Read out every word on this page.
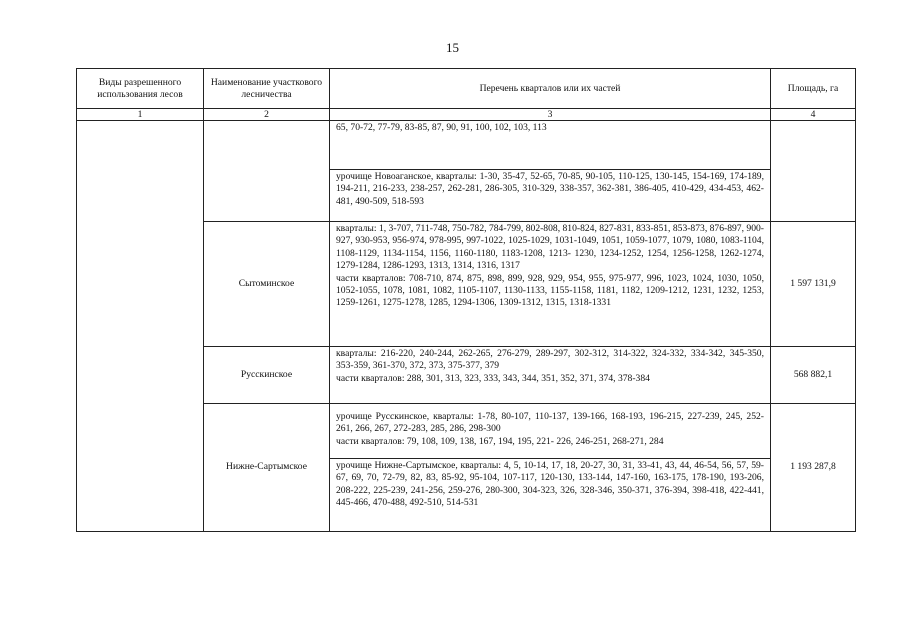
15
Виды разрешенного использования лесов	Наименование участкового лесничества	Перечень кварталов или их частей	Площадь, га
1	2	3	4

		65, 70-72, 77-79, 83-85, 87, 90, 91, 100, 102, 103, 113	

		урочище Новоаганское, кварталы: 1-30, 35-47, 52-65, 70-85, 90-105, 110-125, 130-145, 154-169, 174-189, 194-211, 216-233, 238-257, 262-281, 286-305, 310-329, 338-357, 362-381, 386-405, 410-429, 434-453, 462-481, 490-509, 518-593	

	Сытоминское	кварталы: 1, 3-707, 711-748, 750-782, 784-799, 802-808, 810-824, 827-831, 833-851, 853-873, 876-897, 900-927, 930-953, 956-974, 978-995, 997-1022, 1025-1029, 1031-1049, 1051, 1059-1077, 1079, 1080, 1083-1104, 1108-1129, 1134-1154, 1156, 1160-1180, 1183-1208, 1213- 1230, 1234-1252, 1254, 1256-1258, 1262-1274, 1279-1284, 1286-1293, 1313, 1314, 1316, 1317
части кварталов: 708-710, 874, 875, 898, 899, 928, 929, 954, 955, 975-977, 996, 1023, 1024, 1030, 1050, 1052-1055, 1078, 1081, 1082, 1105-1107, 1130-1133, 1155-1158, 1181, 1182, 1209-1212, 1231, 1232, 1253, 1259-1261, 1275-1278, 1285, 1294-1306, 1309-1312, 1315, 1318-1331	1 597 131,9
	Русскинское	кварталы: 216-220, 240-244, 262-265, 276-279, 289-297, 302-312, 314-322, 324-332, 334-342, 345-350, 353-359, 361-370, 372, 373, 375-377, 379
части кварталов: 288, 301, 313, 323, 333, 343, 344, 351, 352, 371, 374, 378-384	568 882,1
	Нижне-Сартымское	урочище Русскинское, кварталы: 1-78, 80-107, 110-137, 139-166, 168-193, 196-215, 227-239, 245, 252-261, 266, 267, 272-283, 285, 286, 298-300
части кварталов: 79, 108, 109, 138, 167, 194, 195, 221- 226, 246-251, 268-271, 284	1 193 287,8

		урочище Нижне-Сартымское, кварталы: 4, 5, 10-14, 17, 18, 20-27, 30, 31, 33-41, 43, 44, 46-54, 56, 57, 59-67, 69, 70, 72-79, 82, 83, 85-92, 95-104, 107-117, 120-130, 133-144, 147-160, 163-175, 178-190, 193-206, 208-222, 225-239, 241-256, 259-276, 280-300, 304-323, 326, 328-346, 350-371, 376-394, 398-418, 422-441, 445-466, 470-488, 492-510, 514-531	
